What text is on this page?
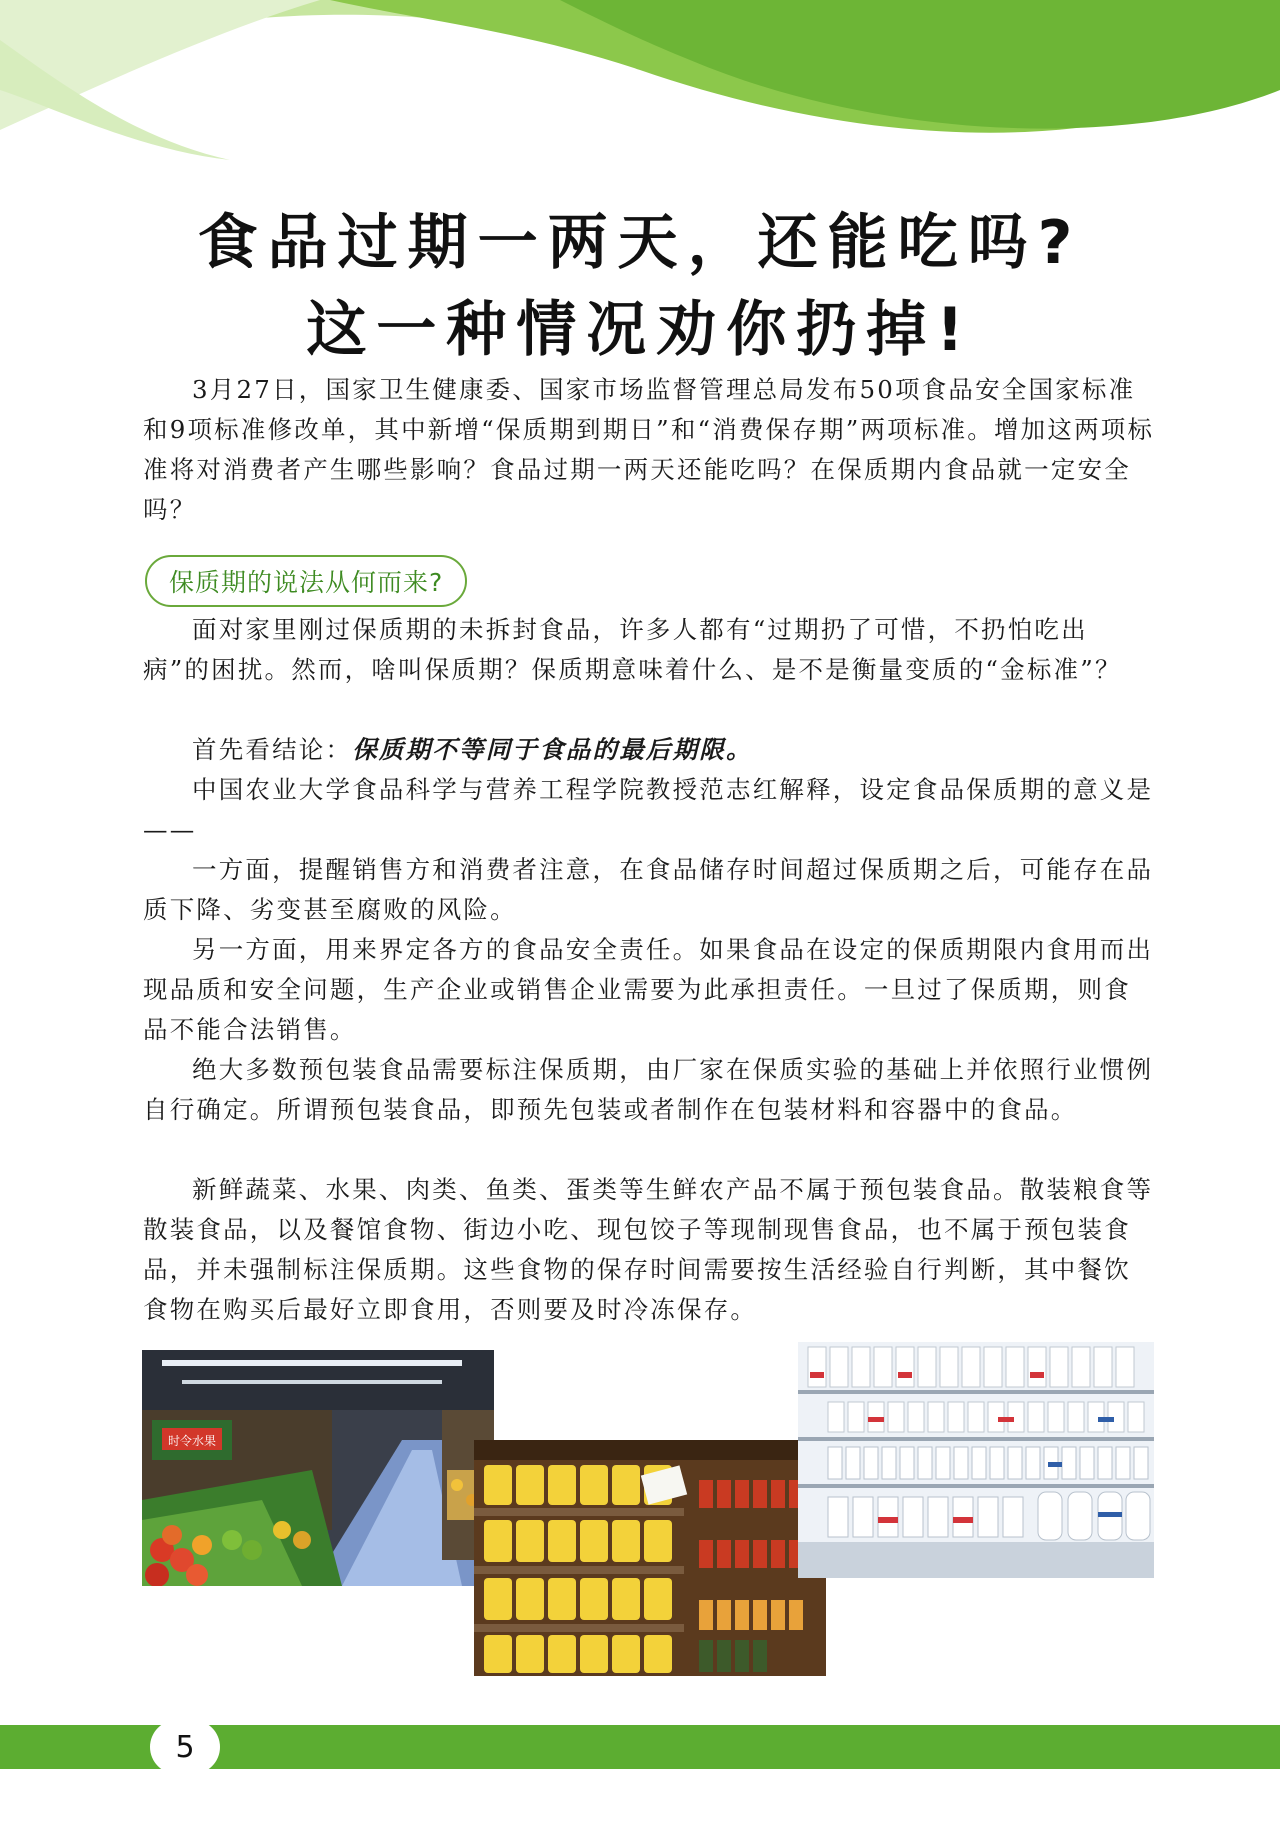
食品过期一两天，还能吃吗?
这一种情况劝你扔掉!

3月27日，国家卫生健康委、国家市场监督管理总局发布50项食品安全国家标准和9项标准修改单，其中新增“保质期到期日”和“消费保存期”两项标准。增加这两项标准将对消费者产生哪些影响？食品过期一两天还能吃吗？在保质期内食品就一定安全吗？

保质期的说法从何而来?

面对家里刚过保质期的未拆封食品，许多人都有“过期扔了可惜，不扔怕吃出病”的困扰。然而，啥叫保质期？保质期意味着什么、是不是衡量变质的“金标准”？

首先看结论：保质期不等同于食品的最后期限。

中国农业大学食品科学与营养工程学院教授范志红解释，设定食品保质期的意义是——

一方面，提醒销售方和消费者注意，在食品储存时间超过保质期之后，可能存在品质下降、劣变甚至腐败的风险。

另一方面，用来界定各方的食品安全责任。如果食品在设定的保质期限内食用而出现品质和安全问题，生产企业或销售企业需要为此承担责任。一旦过了保质期，则食品不能合法销售。

绝大多数预包装食品需要标注保质期，由厂家在保质实验的基础上并依照行业惯例自行确定。所谓预包装食品，即预先包装或者制作在包装材料和容器中的食品。

新鲜蔬菜、水果、肉类、鱼类、蛋类等生鲜农产品不属于预包装食品。散装粮食等散装食品，以及餐馆食物、街边小吃、现包饺子等现制现售食品，也不属于预包装食品，并未强制标注保质期。这些食物的保存时间需要按生活经验自行判断，其中餐饮食物在购买后最好立即食用，否则要及时冷冻保存。

时令水果
5
